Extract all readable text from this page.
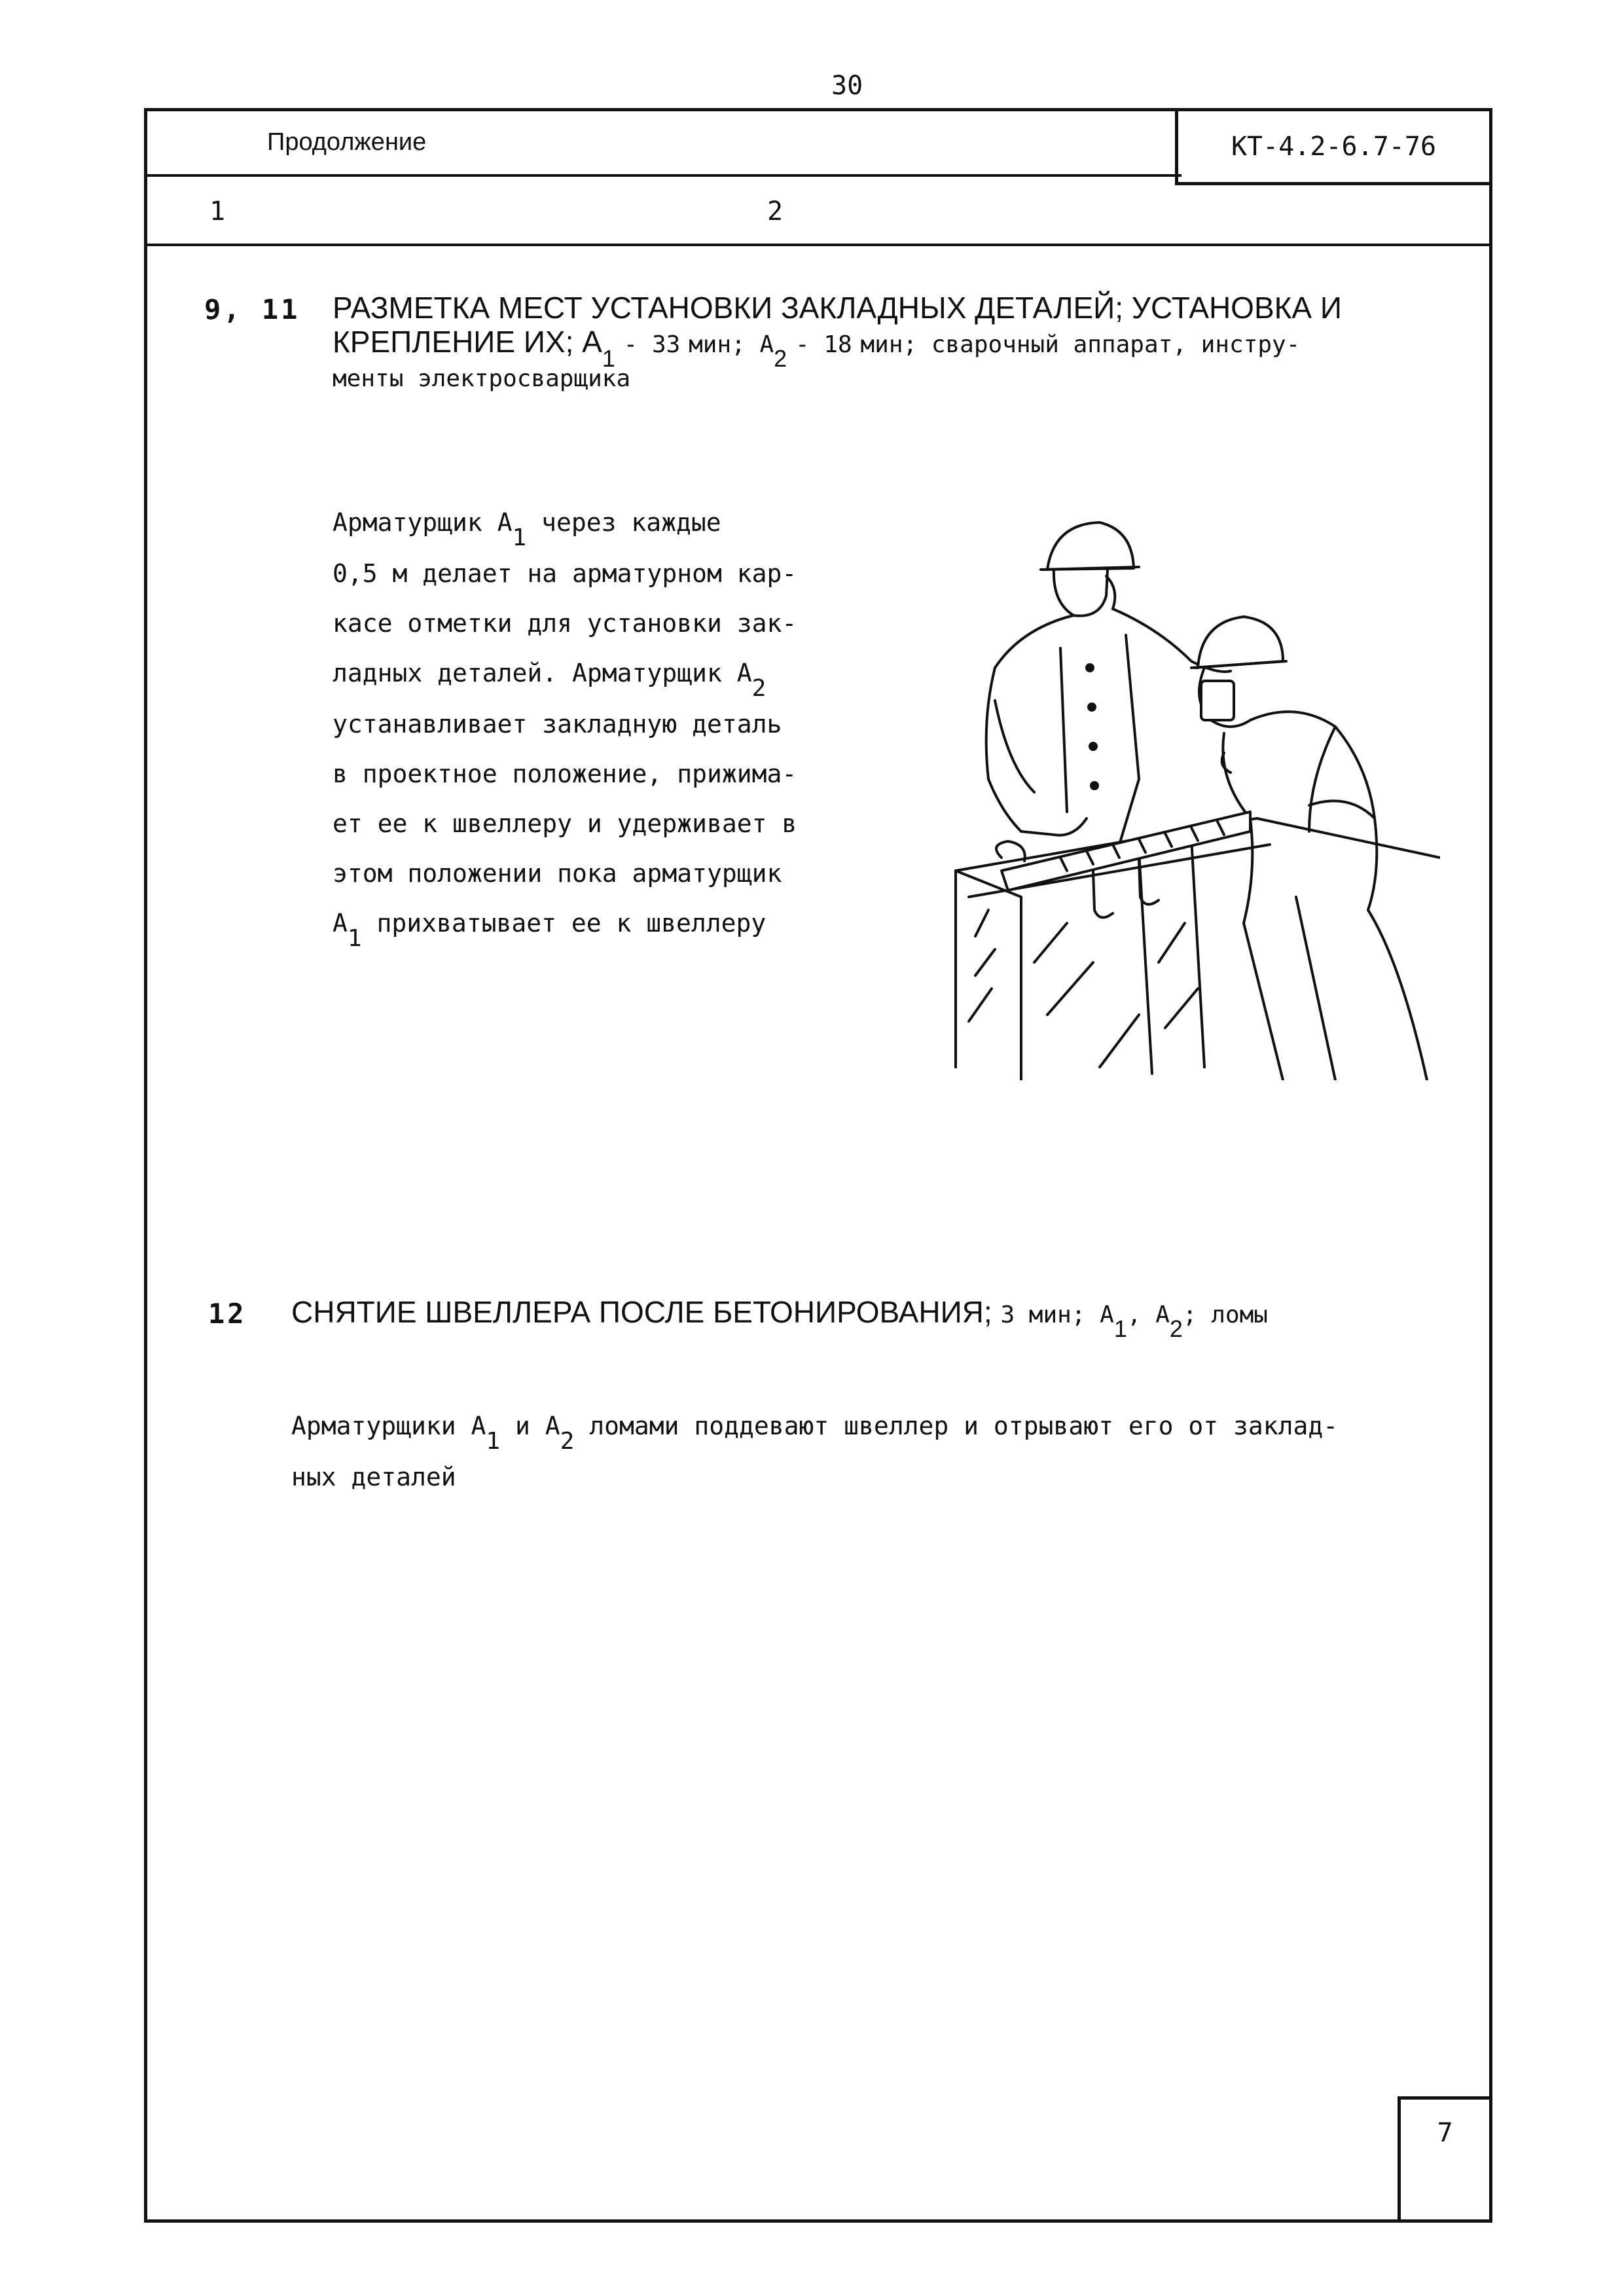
30
Продолжение	КТ-4.2-6.7-76
1	2
9, 11 РАЗМЕТКА МЕСТ УСТАНОВКИ ЗАКЛАДНЫХ ДЕТАЛЕЙ; УСТАНОВКА И
КРЕПЛЕНИЕ ИХ; $А_1 - 33$ мин; $А_2 - 18$ мин; сварочный аппарат, инстру-
менты электросварщика
Арматурщик А1 через каждые
0,5 м делает на арматурном кар-
касе отметки для установки зак-
ладных деталей. Арматурщик А2
устанавливает закладную деталь
в проектное положение, прижима-
ет ее к швеллеру и удерживает в
этом положении пока арматурщик
А1 прихватывает ее к швеллеру
12 СНЯТИЕ ШВЕЛЛЕРА ПОСЛЕ БЕТОНИРОВАНИЯ; 3 мин; $А_1$, $А_2$; ломы
Арматурщики А1 и А2 ломами поддевают швеллер и отрывают его от заклад-
ных деталей
7
